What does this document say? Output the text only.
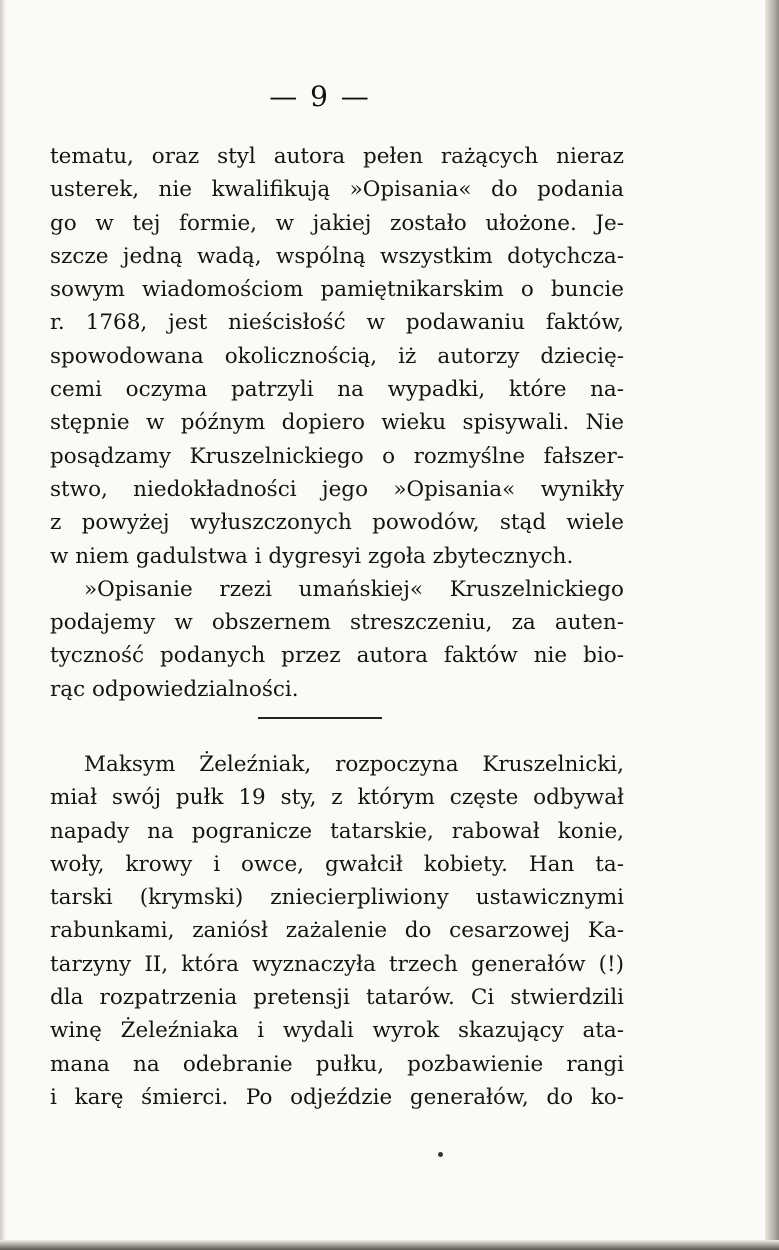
— 9 —
tematu, oraz styl autora pełen rażących nieraz
usterek, nie kwalifikują »Opisania« do podania
go w tej formie, w jakiej zostało ułożone. Je-
szcze jedną wadą, wspólną wszystkim dotychcza-
sowym wiadomościom pamiętnikarskim o buncie
r. 1768, jest nieścisłość w podawaniu faktów,
spowodowana okolicznością, iż autorzy dziecię-
cemi oczyma patrzyli na wypadki, które na-
stępnie w późnym dopiero wieku spisywali. Nie
posądzamy Kruszelnickiego o rozmyślne fałszer-
stwo, niedokładności jego »Opisania« wynikły
z powyżej wyłuszczonych powodów, stąd wiele
w niem gadulstwa i dygresyi zgoła zbytecznych.
»Opisanie rzezi umańskiej« Kruszelnickiego
podajemy w obszernem streszczeniu, za auten-
tyczność podanych przez autora faktów nie bio-
rąc odpowiedzialności.
Maksym Żeleźniak, rozpoczyna Kruszelnicki,
miał swój pułk 19 sty, z którym częste odbywał
napady na pogranicze tatarskie, rabował konie,
woły, krowy i owce, gwałcił kobiety. Han ta-
tarski (krymski) zniecierpliwiony ustawicznymi
rabunkami, zaniósł zażalenie do cesarzowej Ka-
tarzyny II, która wyznaczyła trzech generałów (!)
dla rozpatrzenia pretensji tatarów. Ci stwierdzili
winę Żeleźniaka i wydali wyrok skazujący ata-
mana na odebranie pułku, pozbawienie rangi
i karę śmierci. Po odjeździe generałów, do ko-
